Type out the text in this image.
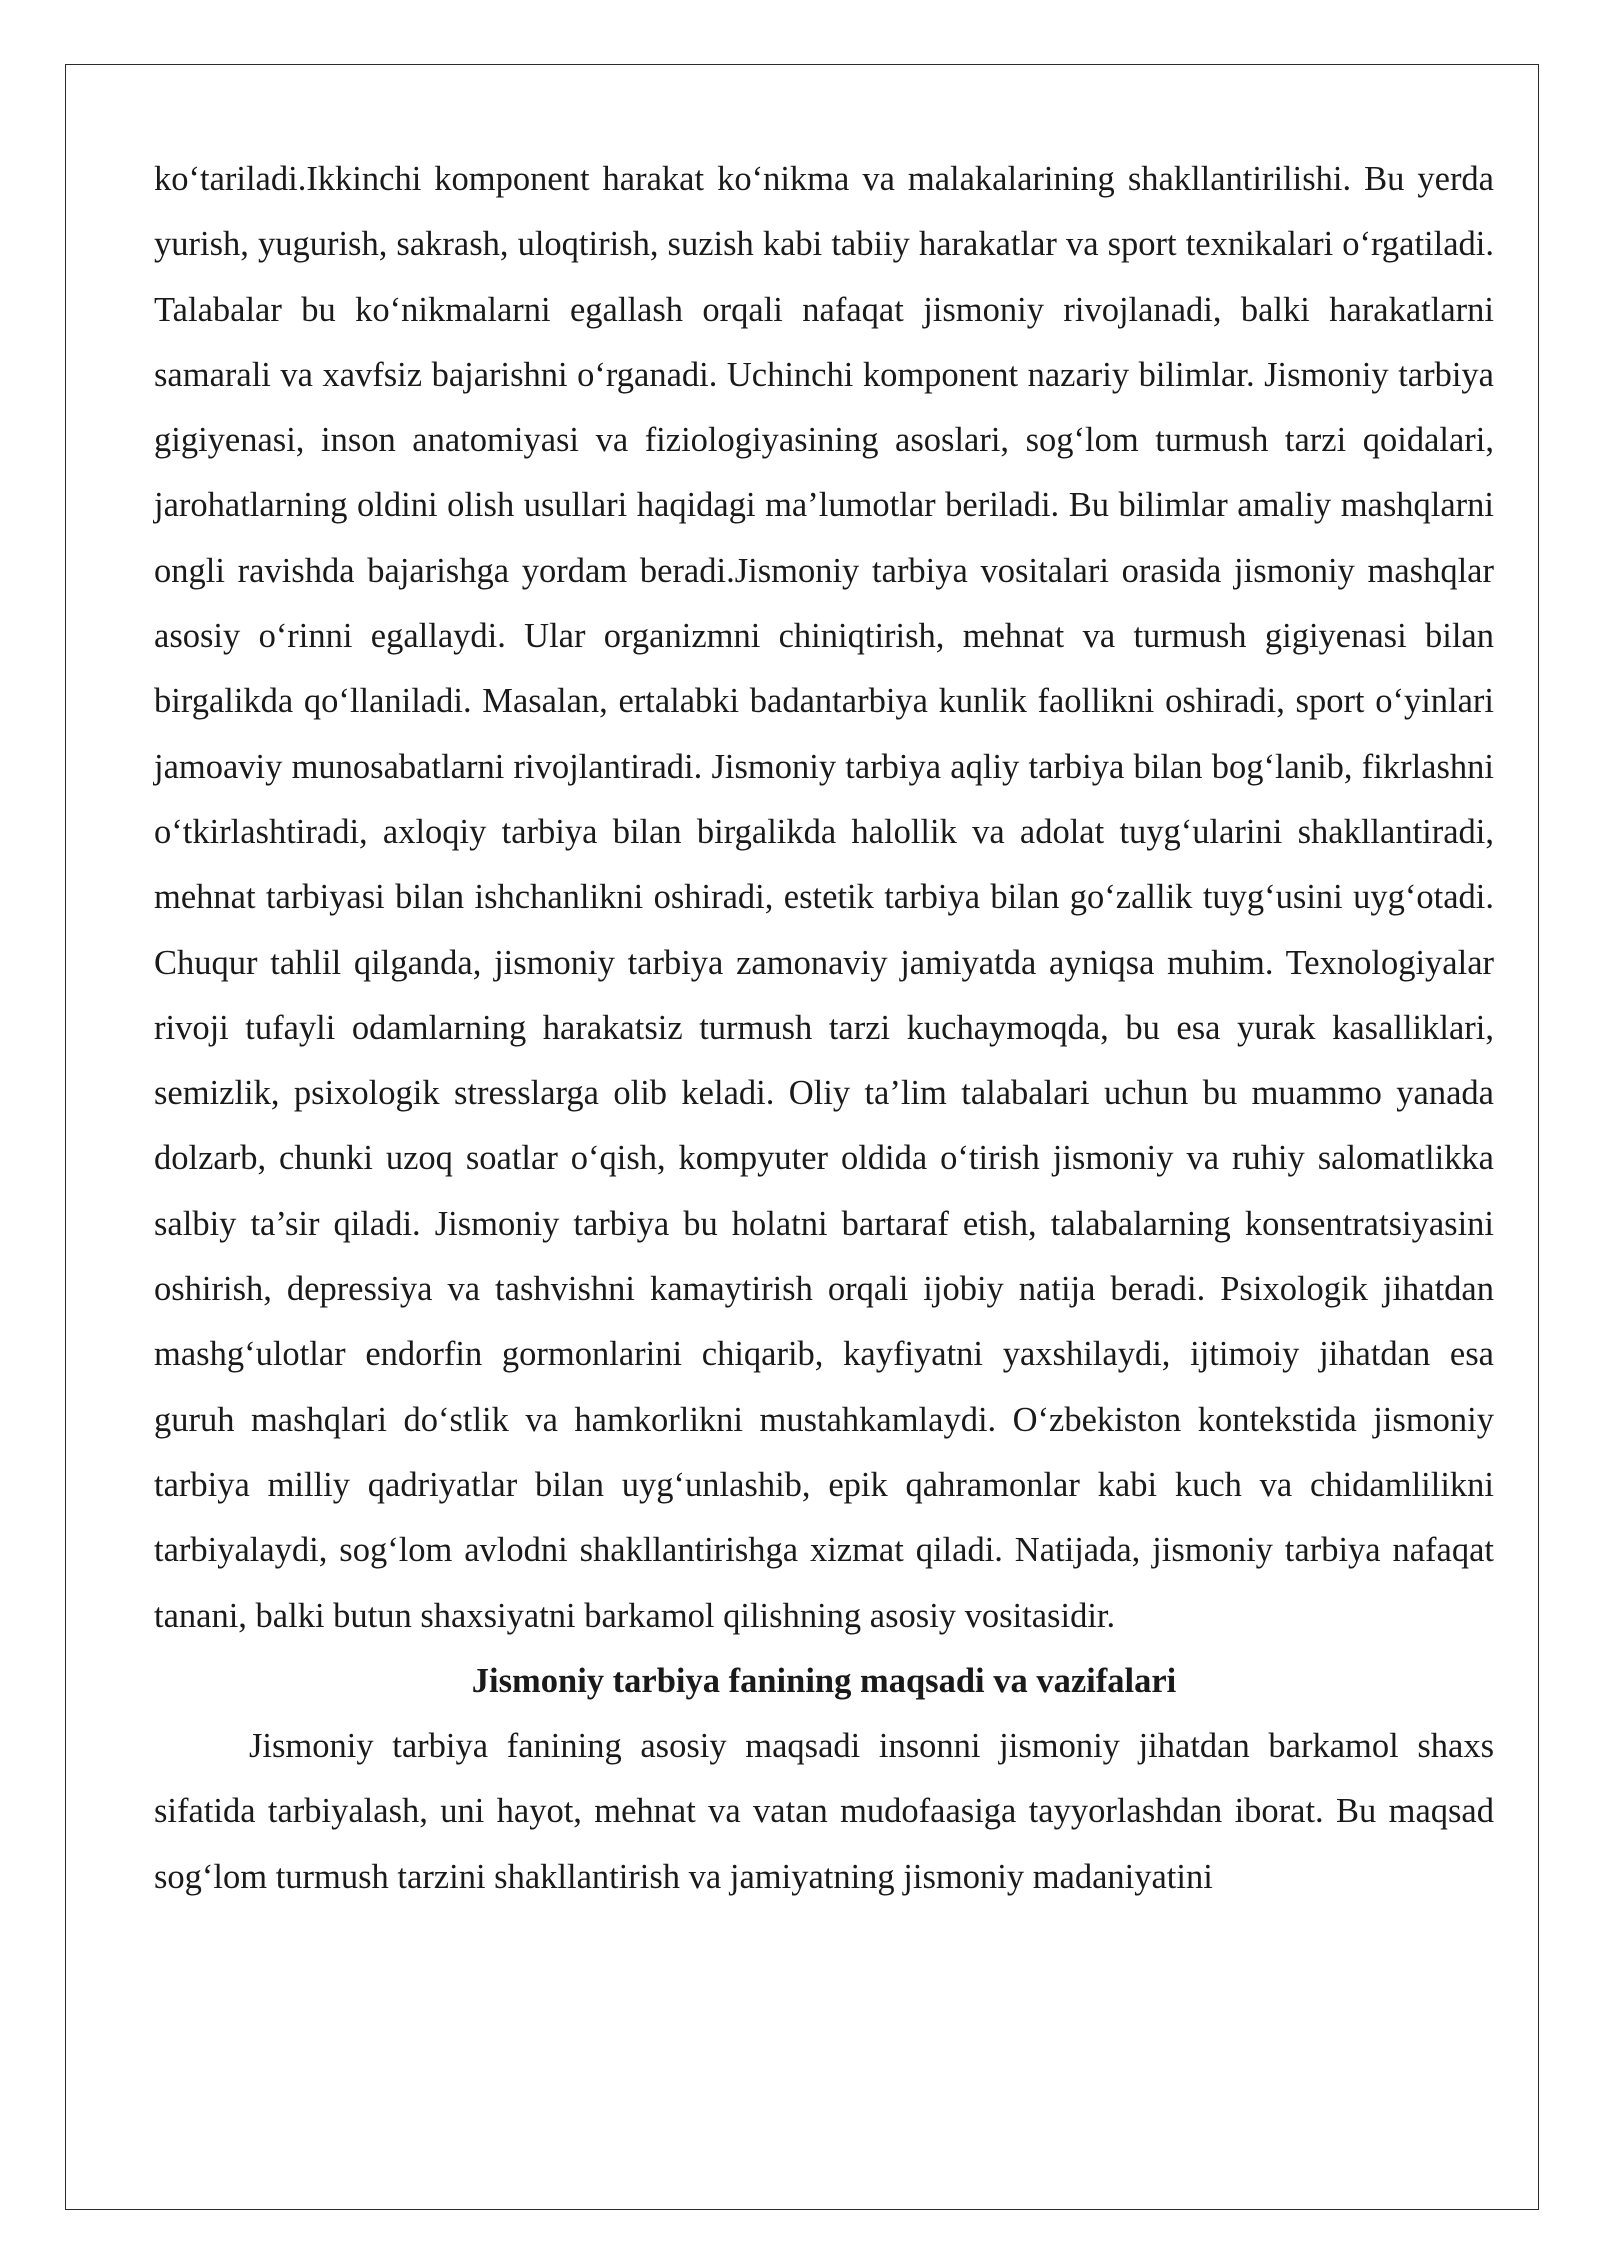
ko‘tariladi.Ikkinchi komponent harakat ko‘nikma va malakalarining shakllantirilishi. Bu yerda yurish, yugurish, sakrash, uloqtirish, suzish kabi tabiiy harakatlar va sport texnikalari o‘rgatiladi. Talabalar bu ko‘nikmalarni egallash orqali nafaqat jismoniy rivojlanadi, balki harakatlarni samarali va xavfsiz bajarishni o‘rganadi. Uchinchi komponent nazariy bilimlar. Jismoniy tarbiya gigiyenasi, inson anatomiyasi va fiziologiyasining asoslari, sog‘lom turmush tarzi qoidalari, jarohatlarning oldini olish usullari haqidagi ma’lumotlar beriladi. Bu bilimlar amaliy mashqlarni ongli ravishda bajarishga yordam beradi.Jismoniy tarbiya vositalari orasida jismoniy mashqlar asosiy o‘rinni egallaydi. Ular organizmni chiniqtirish, mehnat va turmush gigiyenasi bilan birgalikda qo‘llaniladi. Masalan, ertalabki badantarbiya kunlik faollikni oshiradi, sport o‘yinlari jamoaviy munosabatlarni rivojlantiradi. Jismoniy tarbiya aqliy tarbiya bilan bog‘lanib, fikrlashni o‘tkirlashtiradi, axloqiy tarbiya bilan birgalikda halollik va adolat tuyg‘ularini shakllantiradi, mehnat tarbiyasi bilan ishchanlikni oshiradi, estetik tarbiya bilan go‘zallik tuyg‘usini uyg‘otadi. Chuqur tahlil qilganda, jismoniy tarbiya zamonaviy jamiyatda ayniqsa muhim. Texnologiyalar rivoji tufayli odamlarning harakatsiz turmush tarzi kuchaymoqda, bu esa yurak kasalliklari, semizlik, psixologik stresslarga olib keladi. Oliy ta’lim talabalari uchun bu muammo yanada dolzarb, chunki uzoq soatlar o‘qish, kompyuter oldida o‘tirish jismoniy va ruhiy salomatlikka salbiy ta’sir qiladi. Jismoniy tarbiya bu holatni bartaraf etish, talabalarning konsentratsiyasini oshirish, depressiya va tashvishni kamaytirish orqali ijobiy natija beradi. Psixologik jihatdan mashg‘ulotlar endorfin gormonlarini chiqarib, kayfiyatni yaxshilaydi, ijtimoiy jihatdan esa guruh mashqlari do‘stlik va hamkorlikni mustahkamlaydi. O‘zbekiston kontekstida jismoniy tarbiya milliy qadriyatlar bilan uyg‘unlashib, epik qahramonlar kabi kuch va chidamlilikni tarbiyalaydi, sog‘lom avlodni shakllantirishga xizmat qiladi. Natijada, jismoniy tarbiya nafaqat tanani, balki butun shaxsiyatni barkamol qilishning asosiy vositasidir.

Jismoniy tarbiya fanining maqsadi va vazifalari

Jismoniy tarbiya fanining asosiy maqsadi insonni jismoniy jihatdan barkamol shaxs sifatida tarbiyalash, uni hayot, mehnat va vatan mudofaasiga tayyorlashdan iborat. Bu maqsad sog‘lom turmush tarzini shakllantirish va jamiyatning jismoniy madaniyatini
